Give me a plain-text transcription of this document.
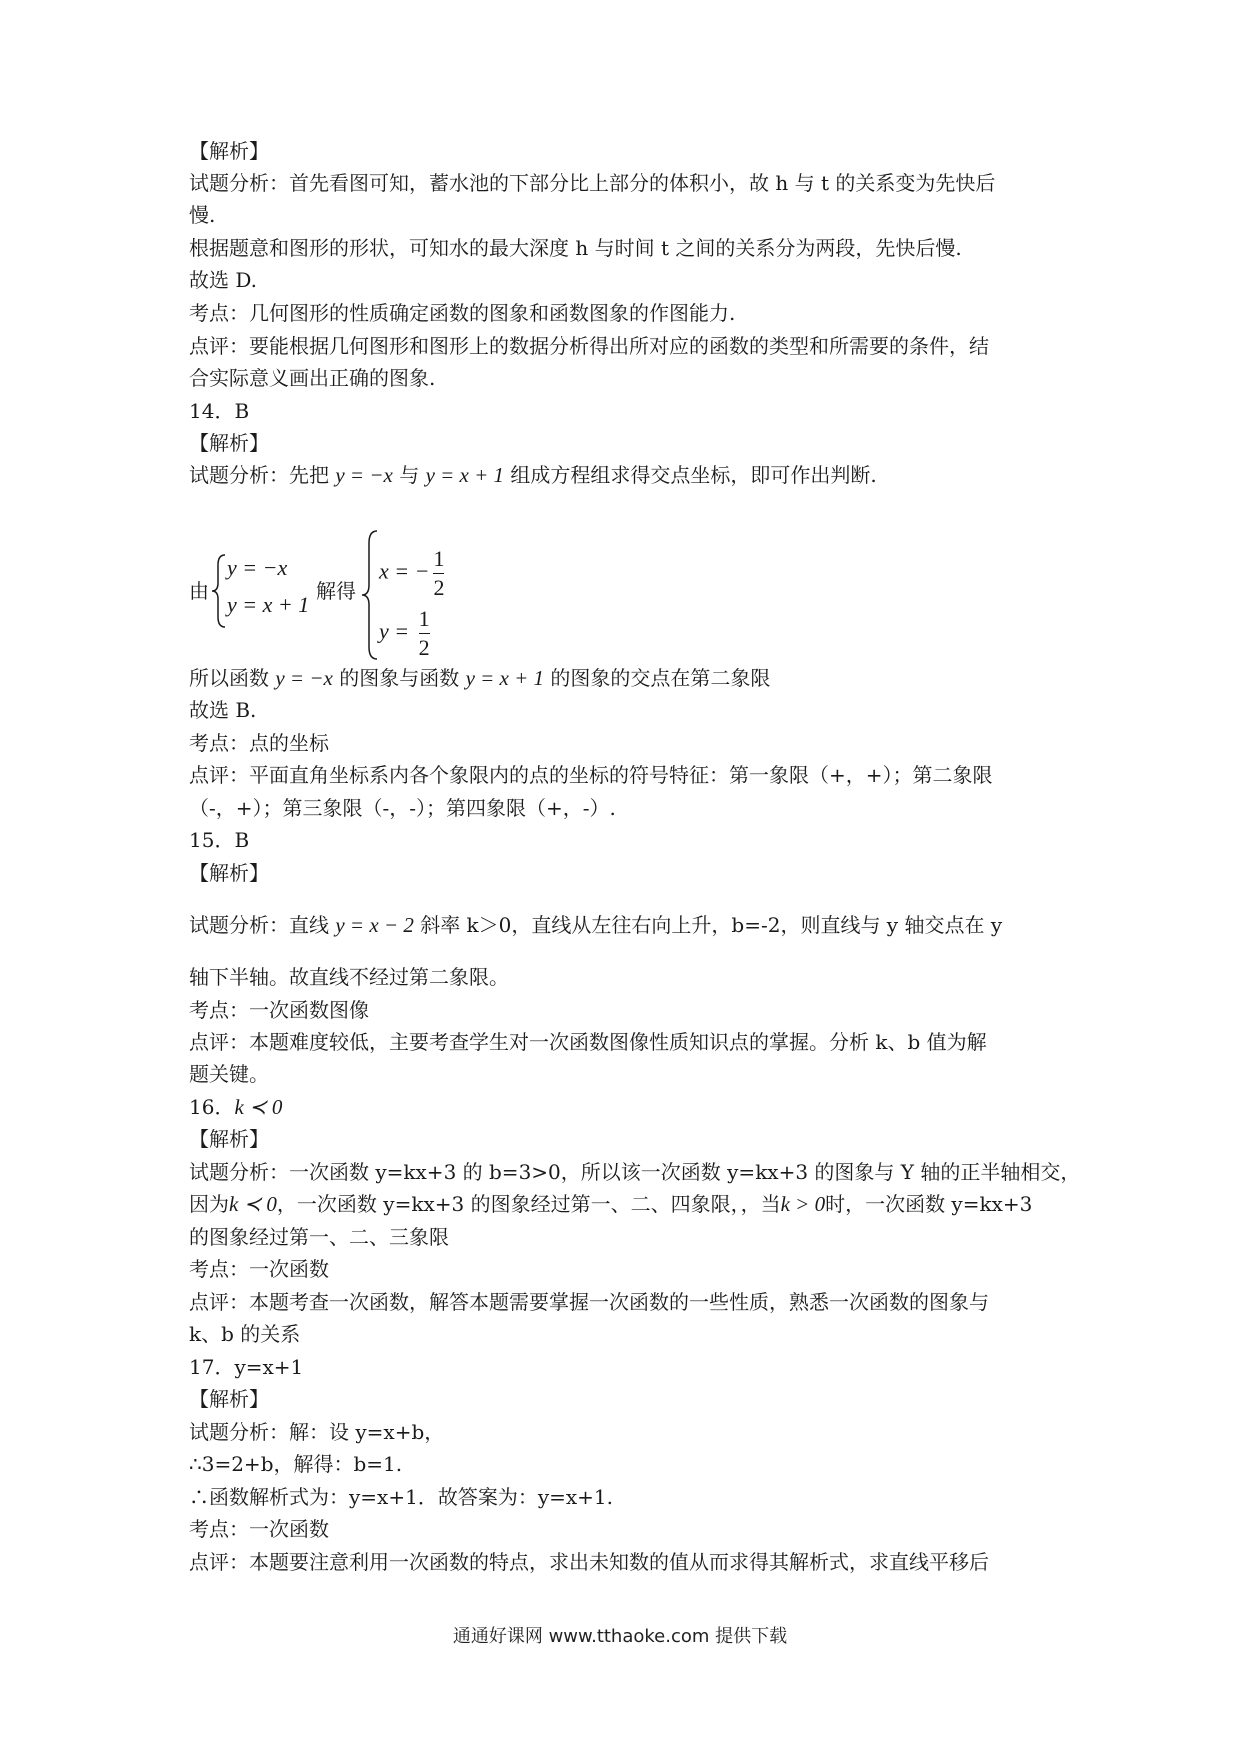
【解析】
试题分析：首先看图可知，蓄水池的下部分比上部分的体积小，故 h 与 t 的关系变为先快后
慢.
根据题意和图形的形状，可知水的最大深度 h 与时间 t 之间的关系分为两段，先快后慢.
故选 D.
考点：几何图形的性质确定函数的图象和函数图象的作图能力.
点评：要能根据几何图形和图形上的数据分析得出所对应的函数的类型和所需要的条件，结
合实际意义画出正确的图象.
14．B
【解析】
试题分析：先把 y = −x 与 y = x + 1 组成方程组求得交点坐标，即可作出判断.
由
y = −x
y = x + 1
解得
x = − $\frac{1}{2}$
$y = \frac{1}{2}$
所以函数 y = −x 的图象与函数 y = x + 1 的图象的交点在第二象限
故选 B.
考点：点的坐标
点评：平面直角坐标系内各个象限内的点的坐标的符号特征：第一象限（+，+）；第二象限
（-，+）；第三象限（-，-）；第四象限（+，-）.
15．B
【解析】
试题分析：直线 y = x − 2 斜率 k＞0，直线从左往右向上升，b=-2，则直线与 y 轴交点在 y
轴下半轴。故直线不经过第二象限。
考点：一次函数图像
点评：本题难度较低，主要考查学生对一次函数图像性质知识点的掌握。分析 k、b 值为解
题关键。
16．k ≺ 0
【解析】
试题分析：一次函数 y=kx+3 的 b=3>0，所以该一次函数 y=kx+3 的图象与 Y 轴的正半轴相交，
因为k ≺ 0，一次函数 y=kx+3 的图象经过第一、二、四象限，，当k > 0时，一次函数 y=kx+3
的图象经过第一、二、三象限
考点：一次函数
点评：本题考查一次函数，解答本题需要掌握一次函数的一些性质，熟悉一次函数的图象与
k、b 的关系
17．y=x+1
【解析】
试题分析：解：设 y=x+b，
∴3=2+b，解得：b=1.
∴函数解析式为：y=x+1．故答案为：y=x+1.
考点：一次函数
点评：本题要注意利用一次函数的特点，求出未知数的值从而求得其解析式，求直线平移后
通通好课网 www.tthaoke.com 提供下载
